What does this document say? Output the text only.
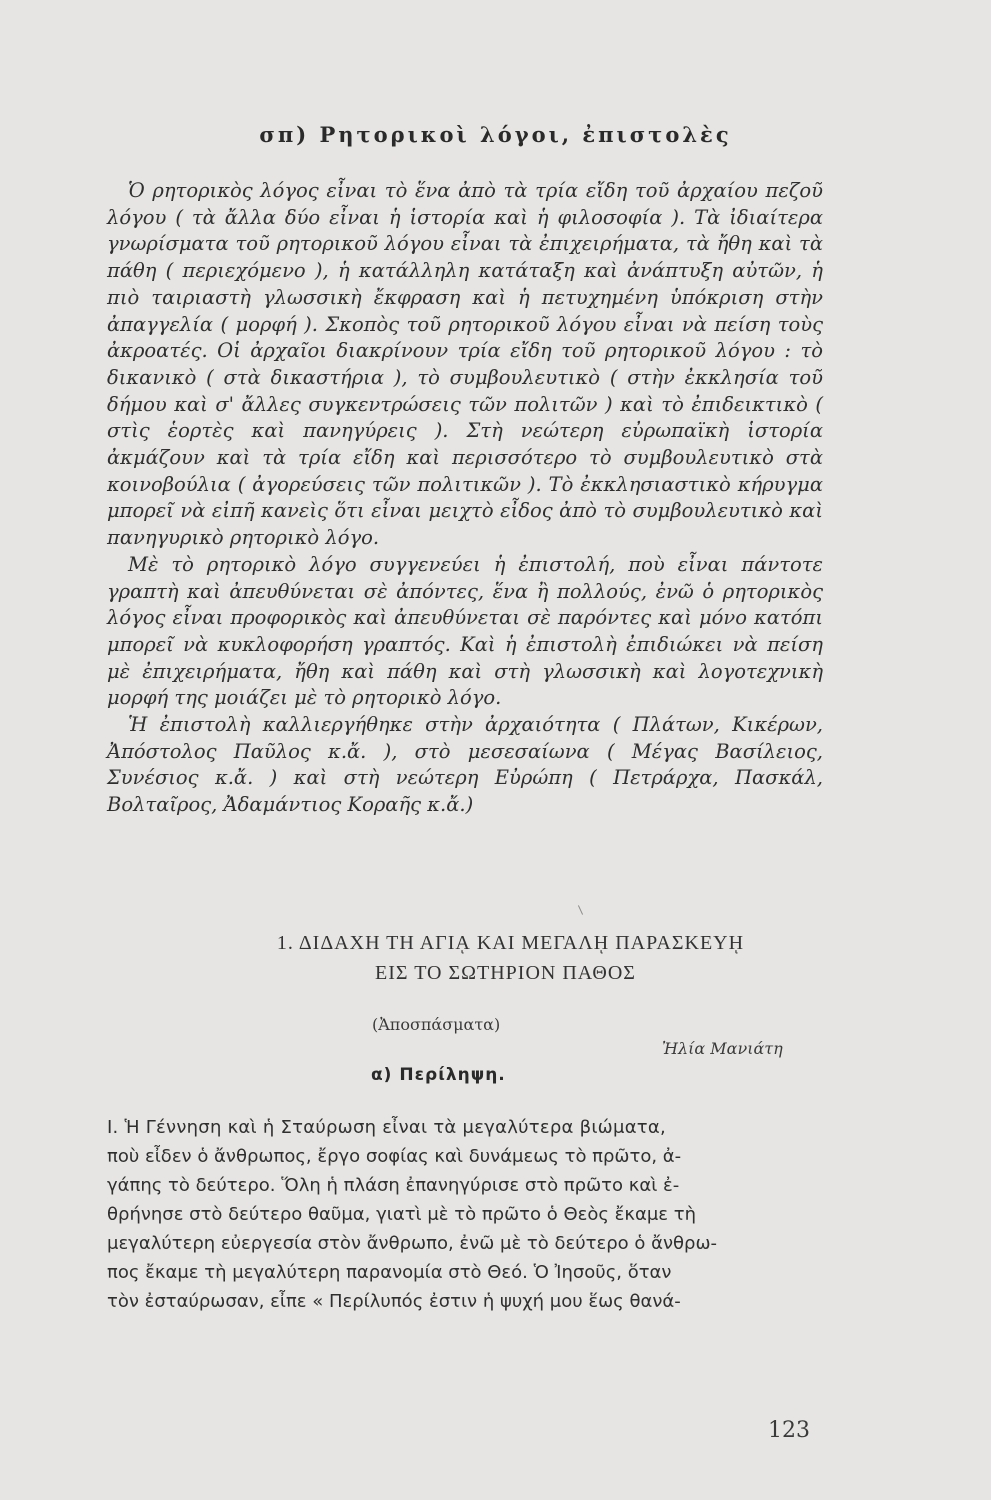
σπ) Ρητορικοὶ λόγοι, ἐπιστολὲς

Ὁ ρητορικὸς λόγος εἶναι τὸ ἕνα ἀπὸ τὰ τρία εἴδη τοῦ ἀρχαίου πεζοῦ λόγου ( τὰ ἄλλα δύο εἶναι ἡ ἱστορία καὶ ἡ φιλοσοφία ). Τὰ ἰδιαίτερα γνωρίσματα τοῦ ρητορικοῦ λόγου εἶναι τὰ ἐπιχειρήματα, τὰ ἤθη καὶ τὰ πάθη ( περιεχόμενο ), ἡ κατάλληλη κατάταξη καὶ ἀνάπτυξη αὐτῶν, ἡ πιὸ ταιριαστὴ γλωσσικὴ ἔκφραση καὶ ἡ πετυχημένη ὑπόκριση στὴν ἀπαγγελία ( μορφή ). Σκοπὸς τοῦ ρητορικοῦ λόγου εἶναι νὰ πείση τοὺς ἀκροατές. Οἱ ἀρχαῖοι διακρίνουν τρία εἴδη τοῦ ρητορικοῦ λόγου : τὸ δικανικὸ ( στὰ δικαστήρια ), τὸ συμβουλευτικὸ ( στὴν ἐκκλησία τοῦ δήμου καὶ σ' ἄλλες συγκεντρώσεις τῶν πολιτῶν ) καὶ τὸ ἐπιδεικτικὸ ( στὶς ἑορτὲς καὶ πανηγύρεις ). Στὴ νεώτερη εὐρωπαϊκὴ ἱστορία ἀκμάζουν καὶ τὰ τρία εἴδη καὶ περισσότερο τὸ συμβουλευτικὸ στὰ κοινοβούλια ( ἀγορεύσεις τῶν πολιτικῶν ). Τὸ ἐκκλησιαστικὸ κήρυγμα μπορεῖ νὰ εἰπῆ κανεὶς ὅτι εἶναι μειχτὸ εἶδος ἀπὸ τὸ συμβουλευτικὸ καὶ πανηγυρικὸ ρητορικὸ λόγο.

Μὲ τὸ ρητορικὸ λόγο συγγενεύει ἡ ἐπιστολή, ποὺ εἶναι πάντοτε γραπτὴ καὶ ἀπευθύνεται σὲ ἀπόντες, ἕνα ἢ πολλούς, ἐνῶ ὁ ρητορικὸς λόγος εἶναι προφορικὸς καὶ ἀπευθύνεται σὲ παρόντες καὶ μόνο κατόπι μπορεῖ νὰ κυκλοφορήση γραπτός. Καὶ ἡ ἐπιστολὴ ἐπιδιώκει νὰ πείση μὲ ἐπιχειρήματα, ἤθη καὶ πάθη καὶ στὴ γλωσσικὴ καὶ λογοτεχνικὴ μορφή της μοιάζει μὲ τὸ ρητορικὸ λόγο.

Ἡ ἐπιστολὴ καλλιεργήθηκε στὴν ἀρχαιότητα ( Πλάτων, Κικέρων, Ἀπόστολος Παῦλος κ.ἄ. ), στὸ μεσεσαίωνα ( Μέγας Βασίλειος, Συνέσιος κ.ἄ. ) καὶ στὴ νεώτερη Εὐρώπη ( Πετράρχα, Πασκάλ, Βολταῖρος, Ἀδαμάντιος Κοραῆς κ.ἄ.)

1. ΔΙΔΑΧΗ ΤΗ ΑΓΙᾼ ΚΑΙ ΜΕΓΑΛῌ ΠΑΡΑΣΚΕΥῌ
ΕΙΣ ΤΟ ΣΩΤΗΡΙΟΝ ΠΑΘΟΣ
(Ἀποσπάσματα)
Ἠλία Μανιάτη
α) Περίληψη.
Ι. Ἡ Γέννηση καὶ ἡ Σταύρωση εἶναι τὰ μεγαλύτερα βιώματα,
ποὺ εἶδεν ὁ ἄνθρωπος, ἔργο σοφίας καὶ δυνάμεως τὸ πρῶτο, ἀ-
γάπης τὸ δεύτερο. Ὅλη ἡ πλάση ἐπανηγύρισε στὸ πρῶτο καὶ ἐ-
θρήνησε στὸ δεύτερο θαῦμα, γιατὶ μὲ τὸ πρῶτο ὁ Θεὸς ἔκαμε τὴ
μεγαλύτερη εὐεργεσία στὸν ἄνθρωπο, ἐνῶ μὲ τὸ δεύτερο ὁ ἄνθρω-
πος ἔκαμε τὴ μεγαλύτερη παρανομία στὸ Θεό. Ὁ Ἰησοῦς, ὅταν
τὸν ἐσταύρωσαν, εἶπε « Περίλυπός ἐστιν ἡ ψυχή μου ἕως θανά-
123
